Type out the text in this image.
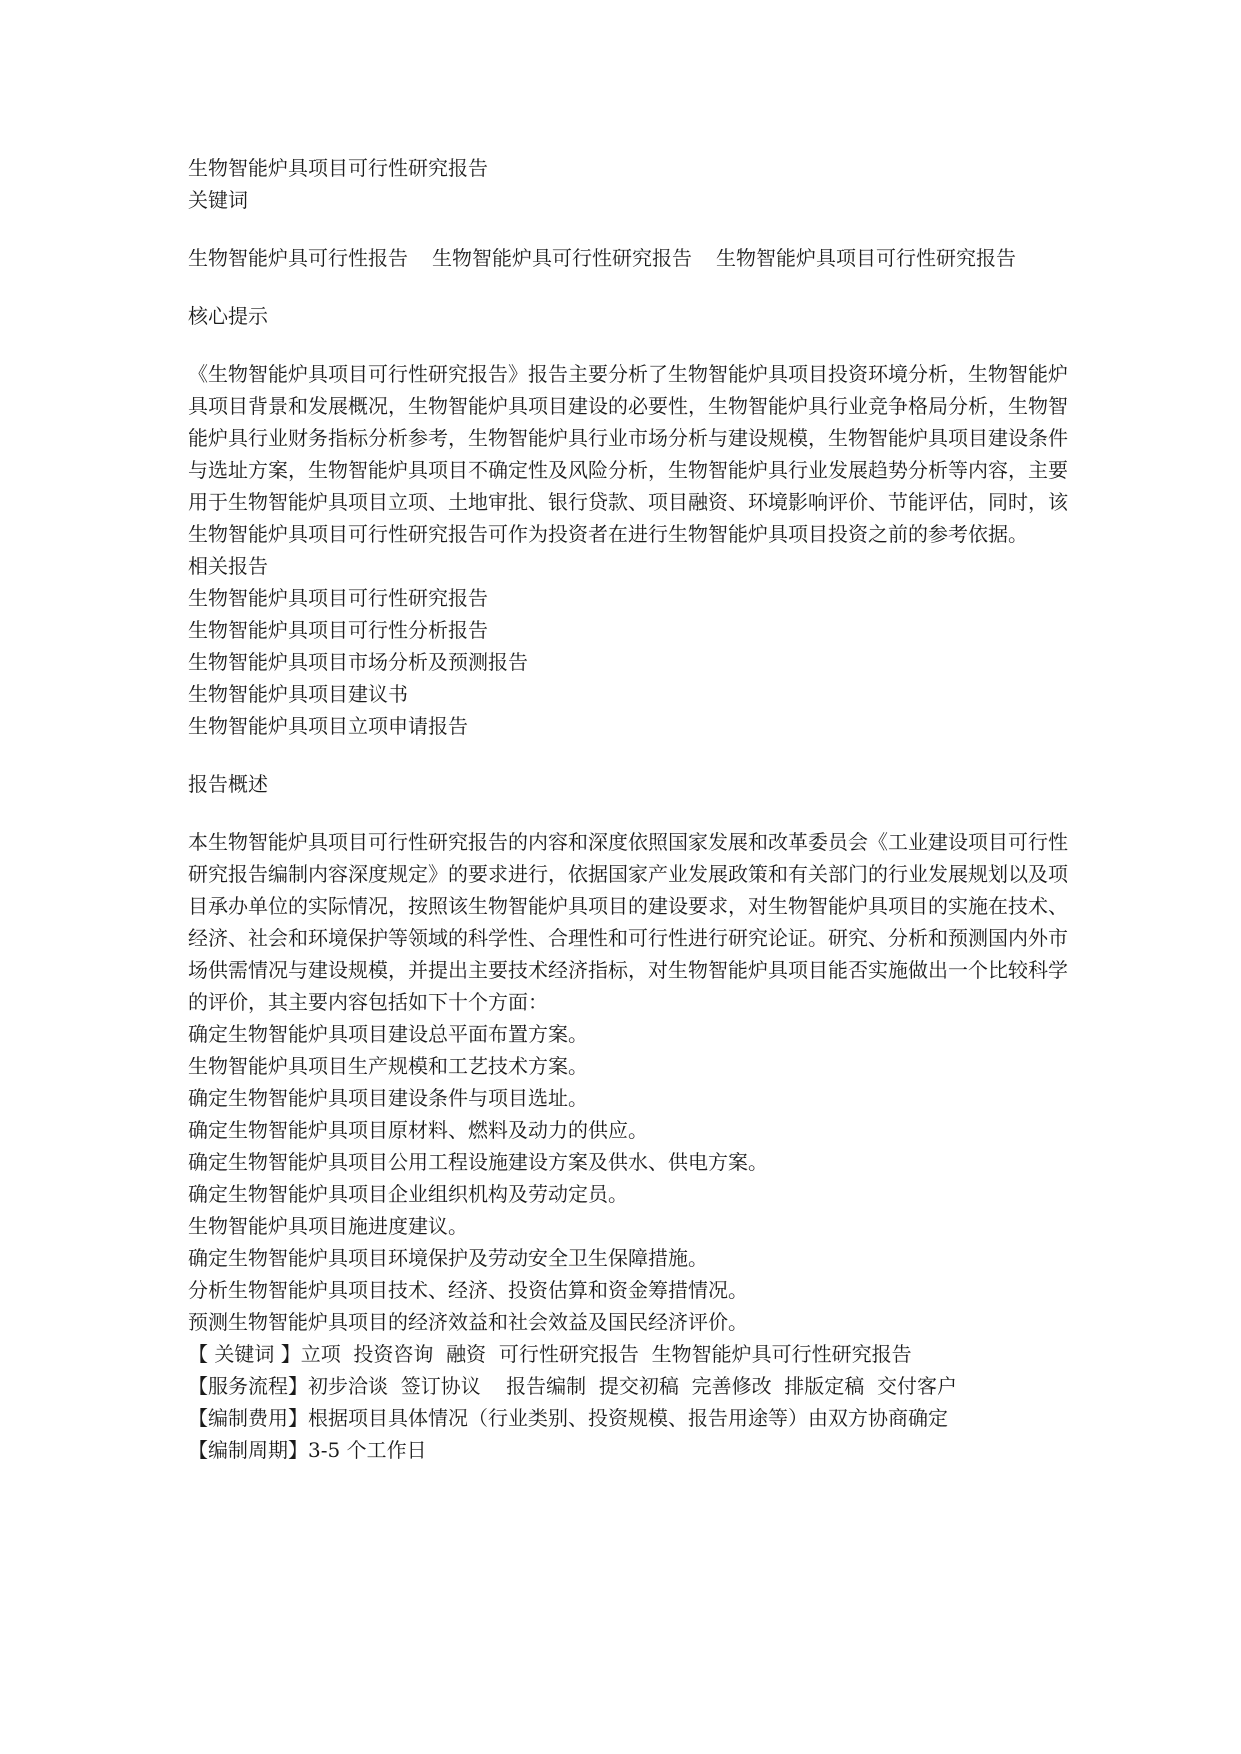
生物智能炉具项目可行性研究报告
关键词
生物智能炉具可行性报告 生物智能炉具可行性研究报告 生物智能炉具项目可行性研究报告
核心提示
《生物智能炉具项目可行性研究报告》报告主要分析了生物智能炉具项目投资环境分析，生物智能炉具项目背景和发展概况，生物智能炉具项目建设的必要性，生物智能炉具行业竞争格局分析，生物智能炉具行业财务指标分析参考，生物智能炉具行业市场分析与建设规模，生物智能炉具项目建设条件与选址方案，生物智能炉具项目不确定性及风险分析，生物智能炉具行业发展趋势分析等内容，主要用于生物智能炉具项目立项、土地审批、银行贷款、项目融资、环境影响评价、节能评估，同时，该生物智能炉具项目可行性研究报告可作为投资者在进行生物智能炉具项目投资之前的参考依据。
相关报告
生物智能炉具项目可行性研究报告
生物智能炉具项目可行性分析报告
生物智能炉具项目市场分析及预测报告
生物智能炉具项目建议书
生物智能炉具项目立项申请报告
报告概述
本生物智能炉具项目可行性研究报告的内容和深度依照国家发展和改革委员会《工业建设项目可行性研究报告编制内容深度规定》的要求进行，依据国家产业发展政策和有关部门的行业发展规划以及项目承办单位的实际情况，按照该生物智能炉具项目的建设要求，对生物智能炉具项目的实施在技术、经济、社会和环境保护等领域的科学性、合理性和可行性进行研究论证。研究、分析和预测国内外市场供需情况与建设规模，并提出主要技术经济指标，对生物智能炉具项目能否实施做出一个比较科学的评价，其主要内容包括如下十个方面：
确定生物智能炉具项目建设总平面布置方案。
生物智能炉具项目生产规模和工艺技术方案。
确定生物智能炉具项目建设条件与项目选址。
确定生物智能炉具项目原材料、燃料及动力的供应。
确定生物智能炉具项目公用工程设施建设方案及供水、供电方案。
确定生物智能炉具项目企业组织机构及劳动定员。
生物智能炉具项目施进度建议。
确定生物智能炉具项目环境保护及劳动安全卫生保障措施。
分析生物智能炉具项目技术、经济、投资估算和资金筹措情况。
预测生物智能炉具项目的经济效益和社会效益及国民经济评价。
【 关键词 】立项  投资咨询  融资  可行性研究报告  生物智能炉具可行性研究报告
【服务流程】初步洽谈  签订协议    报告编制  提交初稿  完善修改  排版定稿  交付客户
【编制费用】根据项目具体情况（行业类别、投资规模、报告用途等）由双方协商确定
【编制周期】3-5 个工作日
